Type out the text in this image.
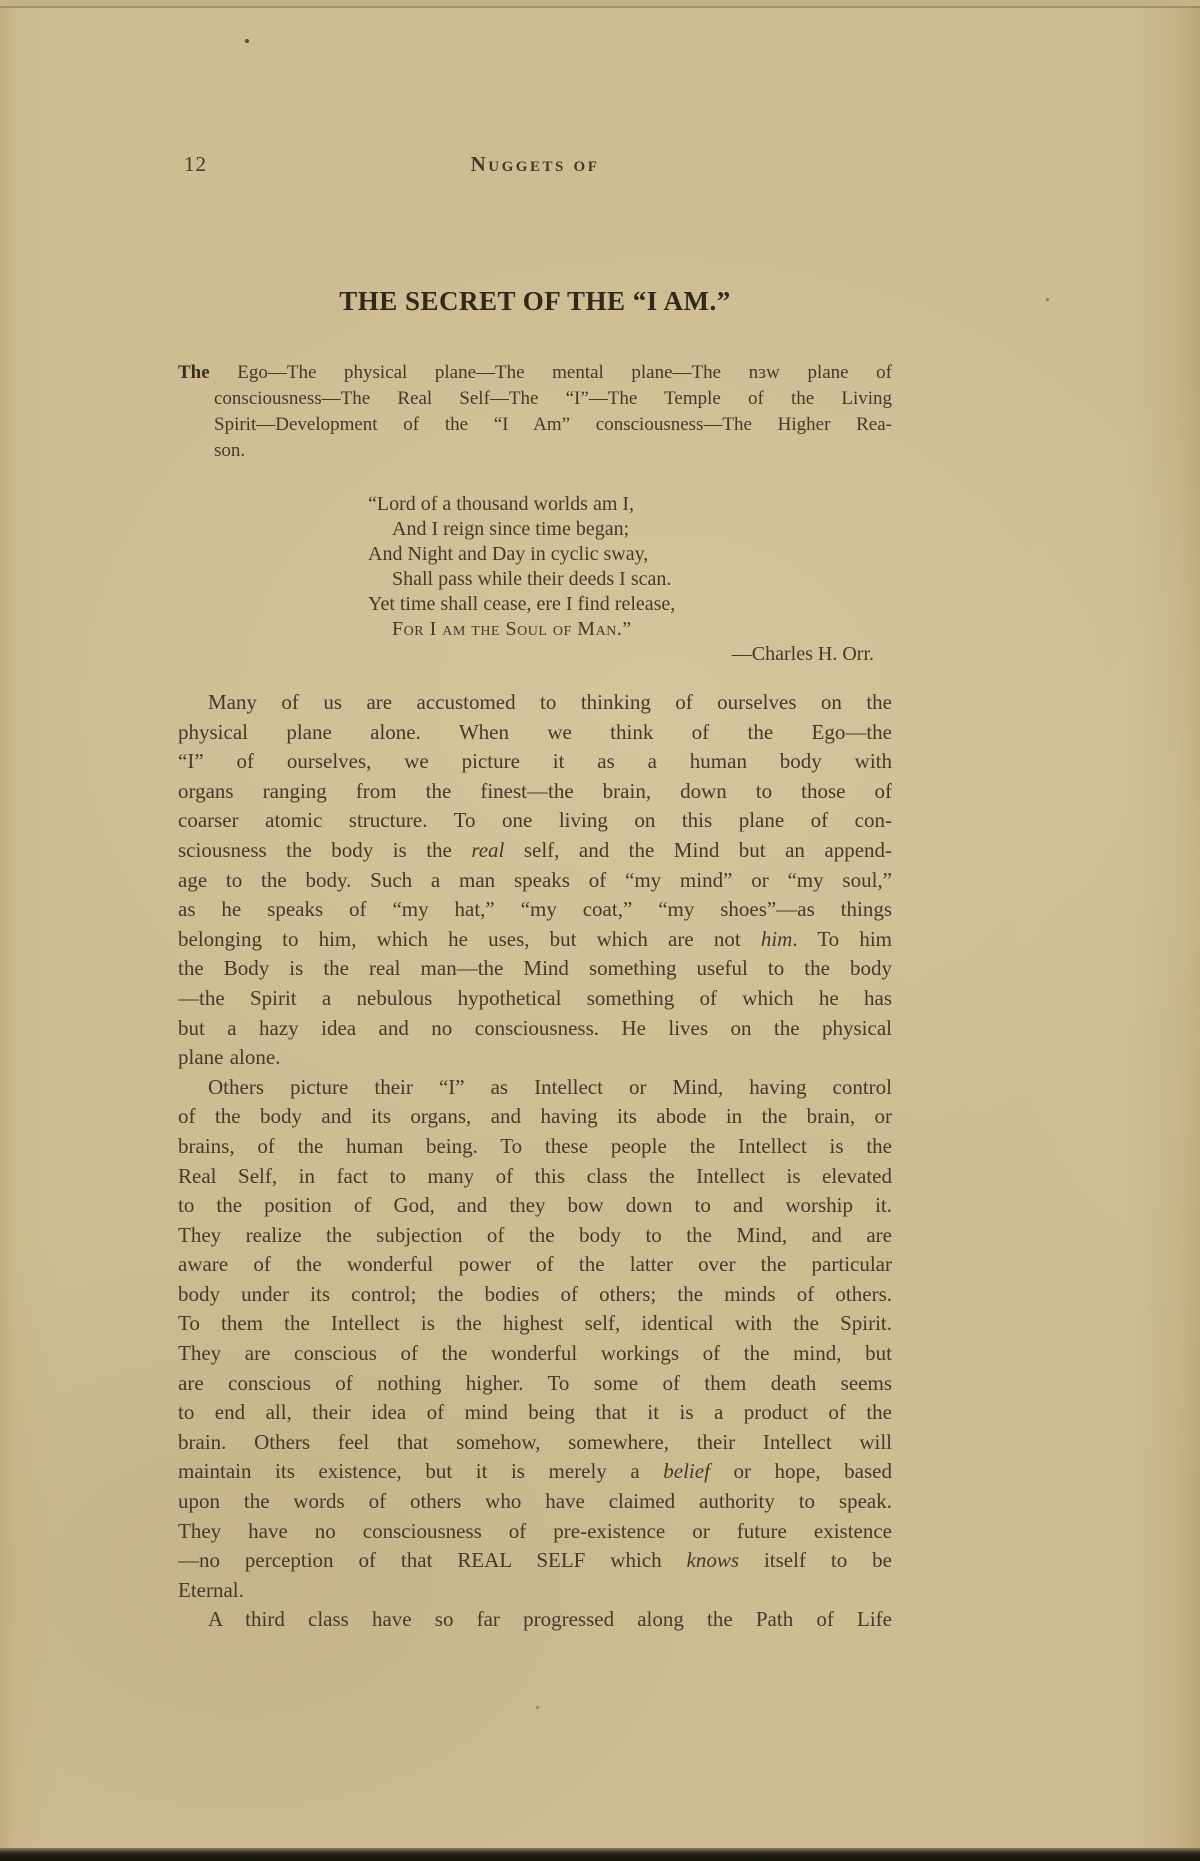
12	Nuggets of
THE SECRET OF THE “I AM.”
The Ego—The physical plane—The mental plane—The nɜw plane of
consciousness—The Real Self—The “I”—The Temple of the Living
Spirit—Development of the “I Am” consciousness—The Higher Rea-
son.
“Lord of a thousand worlds am I,
And I reign since time began;
And Night and Day in cyclic sway,
Shall pass while their deeds I scan.
Yet time shall cease, ere I find release,
For I am the Soul of Man.”
—Charles H. Orr.
Many of us are accustomed to thinking of ourselves on the
physical plane alone. When we think of the Ego—the
“I” of ourselves, we picture it as a human body with
organs ranging from the finest—the brain, down to those of
coarser atomic structure. To one living on this plane of con-
sciousness the body is the real self, and the Mind but an append-
age to the body. Such a man speaks of “my mind” or “my soul,”
as he speaks of “my hat,” “my coat,” “my shoes”—as things
belonging to him, which he uses, but which are not him. To him
the Body is the real man—the Mind something useful to the body
—the Spirit a nebulous hypothetical something of which he has
but a hazy idea and no consciousness. He lives on the physical
plane alone.
Others picture their “I” as Intellect or Mind, having control
of the body and its organs, and having its abode in the brain, or
brains, of the human being. To these people the Intellect is the
Real Self, in fact to many of this class the Intellect is elevated
to the position of God, and they bow down to and worship it.
They realize the subjection of the body to the Mind, and are
aware of the wonderful power of the latter over the particular
body under its control; the bodies of others; the minds of others.
To them the Intellect is the highest self, identical with the Spirit.
They are conscious of the wonderful workings of the mind, but
are conscious of nothing higher. To some of them death seems
to end all, their idea of mind being that it is a product of the
brain. Others feel that somehow, somewhere, their Intellect will
maintain its existence, but it is merely a belief or hope, based
upon the words of others who have claimed authority to speak.
They have no consciousness of pre-existence or future existence
—no perception of that REAL SELF which knows itself to be
Eternal.
A third class have so far progressed along the Path of Life
